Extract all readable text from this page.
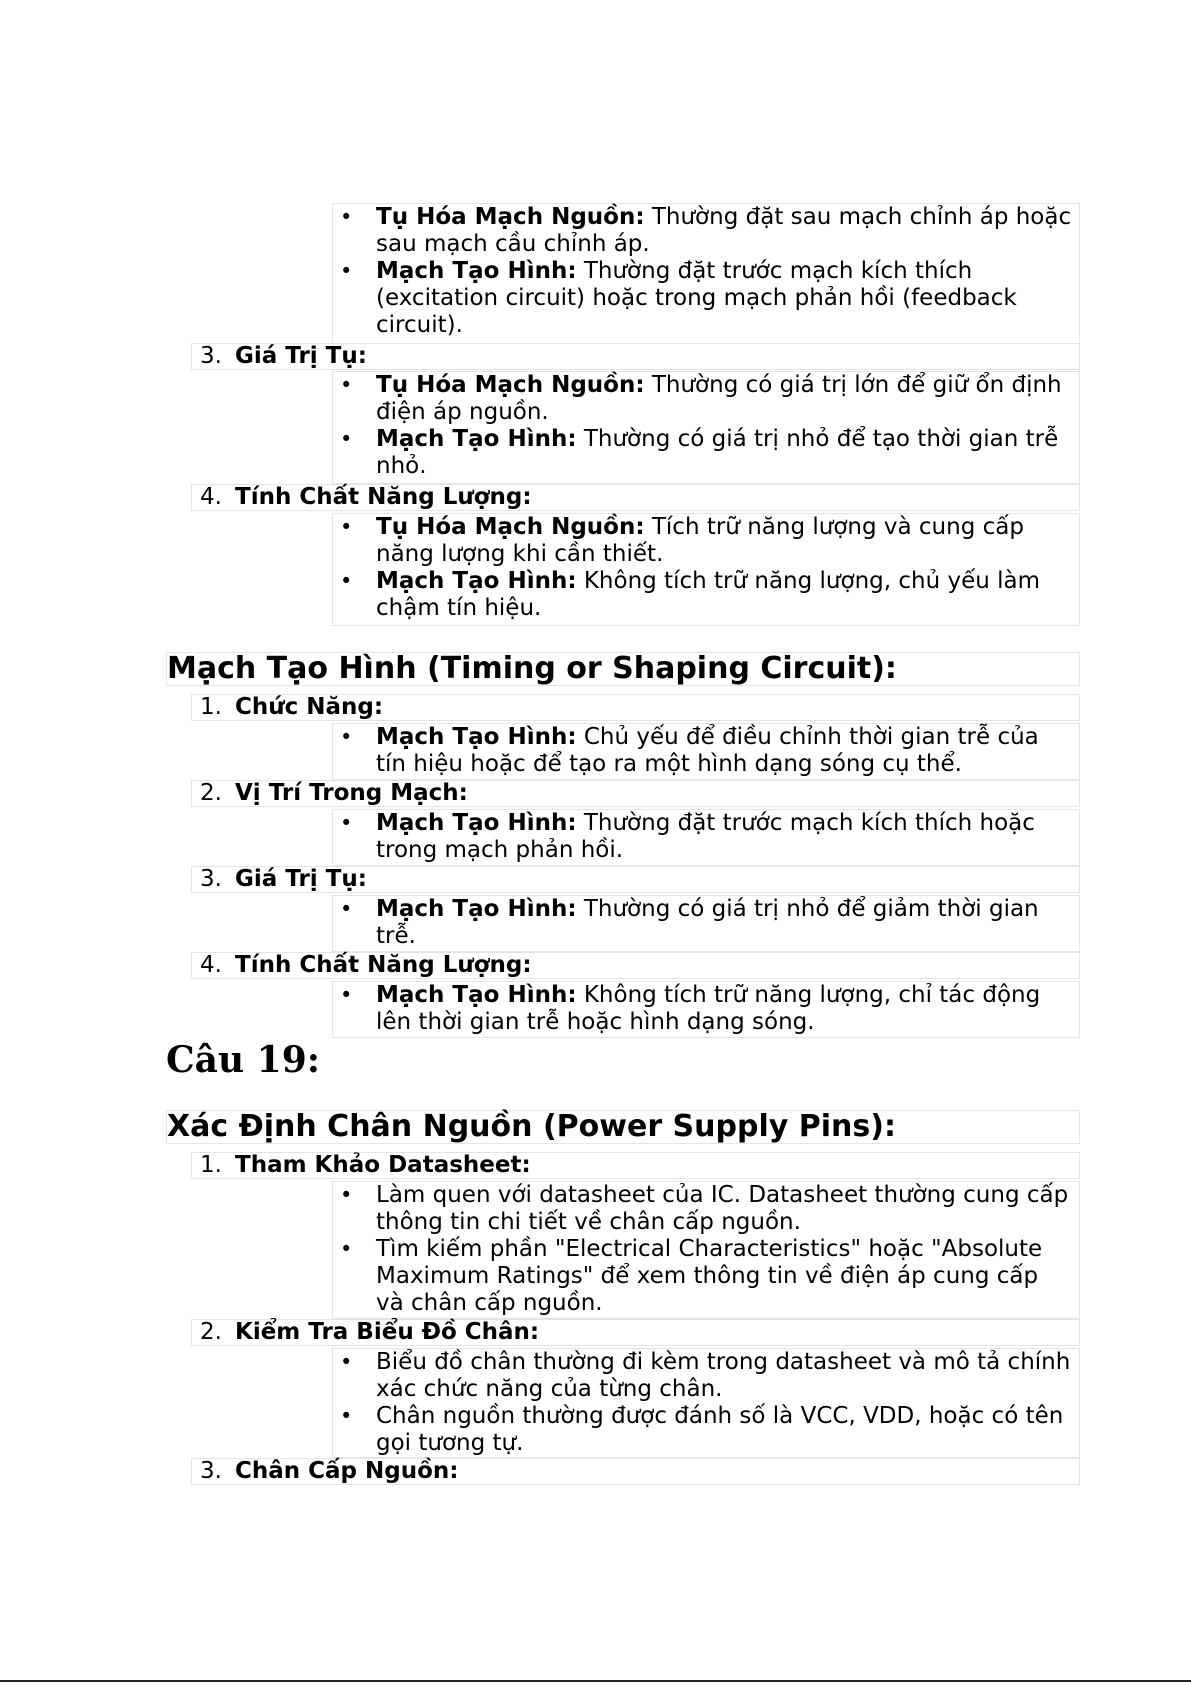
• Tụ Hóa Mạch Nguồn: Thường đặt sau mạch chỉnh áp hoặc sau mạch cầu chỉnh áp.
• Mạch Tạo Hình: Thường đặt trước mạch kích thích (excitation circuit) hoặc trong mạch phản hồi (feedback circuit).
3. Giá Trị Tụ:
• Tụ Hóa Mạch Nguồn: Thường có giá trị lớn để giữ ổn định điện áp nguồn.
• Mạch Tạo Hình: Thường có giá trị nhỏ để tạo thời gian trễ nhỏ.
4. Tính Chất Năng Lượng:
• Tụ Hóa Mạch Nguồn: Tích trữ năng lượng và cung cấp năng lượng khi cần thiết.
• Mạch Tạo Hình: Không tích trữ năng lượng, chủ yếu làm chậm tín hiệu.
Mạch Tạo Hình (Timing or Shaping Circuit):
1. Chức Năng:
• Mạch Tạo Hình: Chủ yếu để điều chỉnh thời gian trễ của tín hiệu hoặc để tạo ra một hình dạng sóng cụ thể.
2. Vị Trí Trong Mạch:
• Mạch Tạo Hình: Thường đặt trước mạch kích thích hoặc trong mạch phản hồi.
3. Giá Trị Tụ:
• Mạch Tạo Hình: Thường có giá trị nhỏ để giảm thời gian trễ.
4. Tính Chất Năng Lượng:
• Mạch Tạo Hình: Không tích trữ năng lượng, chỉ tác động lên thời gian trễ hoặc hình dạng sóng.
Câu 19:
Xác Định Chân Nguồn (Power Supply Pins):
1. Tham Khảo Datasheet:
• Làm quen với datasheet của IC. Datasheet thường cung cấp thông tin chi tiết về chân cấp nguồn.
• Tìm kiếm phần "Electrical Characteristics" hoặc "Absolute Maximum Ratings" để xem thông tin về điện áp cung cấp và chân cấp nguồn.
2. Kiểm Tra Biểu Đồ Chân:
• Biểu đồ chân thường đi kèm trong datasheet và mô tả chính xác chức năng của từng chân.
• Chân nguồn thường được đánh số là VCC, VDD, hoặc có tên gọi tương tự.
3. Chân Cấp Nguồn:
